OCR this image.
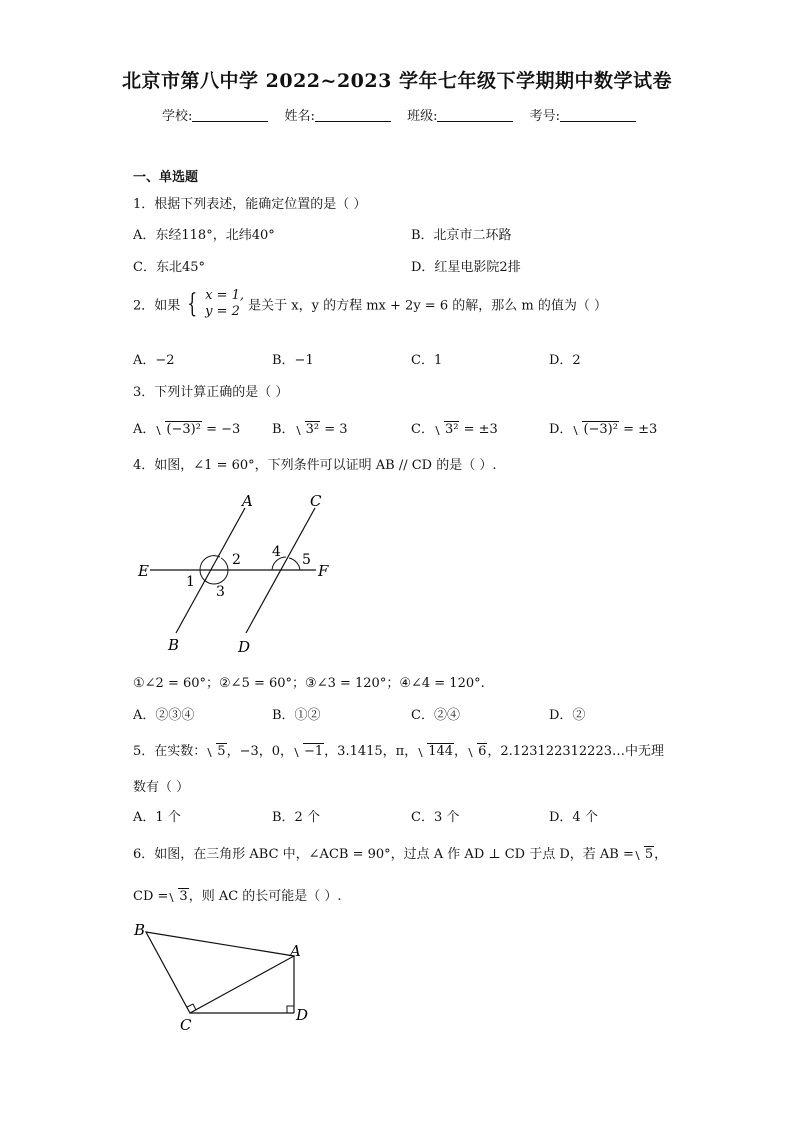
北京市第八中学 2022~2023 学年七年级下学期期中数学试卷
学校:	姓名:	班级:	考号:
一、单选题
1．根据下列表述，能确定位置的是（ ）
A．东经118°，北纬40°	B．北京市二环路
C．东北45°	D．红星电影院2排
2．如果 { x = 1,
y = 2 是关于 x，y 的方程 mx + 2y = 6 的解，那么 m 的值为（ ）
A．−2	B．−1	C．1	D．2
3．下列计算正确的是（ ）
A． (−3)² = −3 B． 3² = 3	C． 3² = ±3	D． (−3)² = ±3
4．如图，∠1 = 60°，下列条件可以证明 AB // CD 的是（ ）.
A
B
C
D
E	F
1
2
3
4 5
①∠2 = 60°；②∠5 = 60°；③∠3 = 120°；④∠4 = 120°.
A．②③④	B．①②	C．②④	D．②
5．在实数： 5，−3，0， −1，3.1415，π， 144， 6，2.123122312223…中无理
数有（ ）
A．1 个	B．2 个	C．3 个	D．4 个
6．如图，在三角形 ABC 中，∠ACB = 90°，过点 A 作 AD ⊥ CD 于点 D，若 AB = 5，
CD = 3，则 AC 的长可能是（ ）.
B
A
C
D
